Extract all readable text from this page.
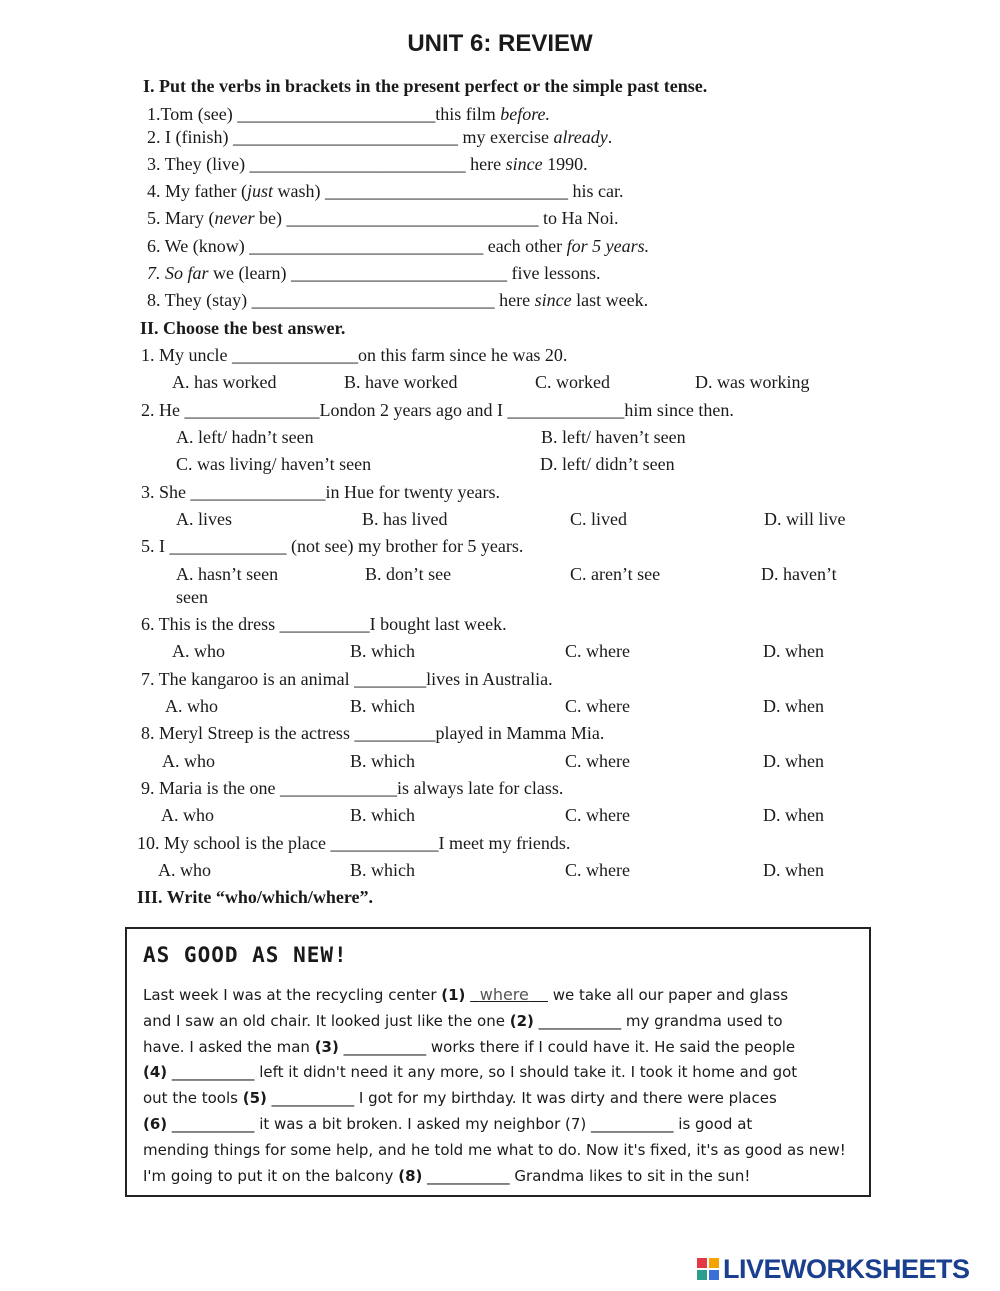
UNIT 6: REVIEW
I. Put the verbs in brackets in the present perfect or the simple past tense.
1.Tom (see) ______________________this film before.
2. I (finish) _________________________ my exercise already.
3. They (live) ________________________ here since 1990.
4. My father (just wash) ___________________________ his car.
5. Mary (never be) ____________________________ to Ha Noi.
6. We (know) __________________________ each other for 5 years.
7. So far we (learn) ________________________ five lessons.
8. They (stay) ___________________________ here since last week.
II. Choose the best answer.
1. My uncle ______________on this farm since he was 20.
A. has worked	B. have worked	C. worked	D. was working
2. He _______________London 2 years ago and I _____________him since then.
A. left/ hadn’t seen	B. left/ haven’t seen
C. was living/ haven’t seen	D. left/ didn’t seen
3. She _______________in Hue for twenty years.
A. lives	B. has lived	C. lived	D. will live
5. I _____________ (not see) my brother for 5 years.
A. hasn’t seen	B. don’t see	C. aren’t see	D. haven’t
seen
6. This is the dress __________I bought last week.
A. who	B. which	C. where	D. when
7. The kangaroo is an animal ________lives in Australia.
A. who	B. which	C. where	D. when
8. Meryl Streep is the actress _________played in Mamma Mia.
A. who	B. which	C. where	D. when
9. Maria is the one _____________is always late for class.
A. who	B. which	C. where	D. when
10. My school is the place ____________I meet my friends.
A. who	B. which	C. where	D. when
III. Write “who/which/where”.
AS GOOD AS NEW!
Last week I was at the recycling center (1) where     we take all our paper and glass
and I saw an old chair. It looked just like the one (2) ___________ my grandma used to
have. I asked the man (3) ___________ works there if I could have it. He said the people
(4) ___________ left it didn't need it any more, so I should take it. I took it home and got
out the tools (5) ___________ I got for my birthday. It was dirty and there were places
(6) ___________ it was a bit broken. I asked my neighbor (7) ___________ is good at
mending things for some help, and he told me what to do. Now it's fixed, it's as good as new!
I'm going to put it on the balcony (8) ___________ Grandma likes to sit in the sun!
LIVEWORKSHEETS
